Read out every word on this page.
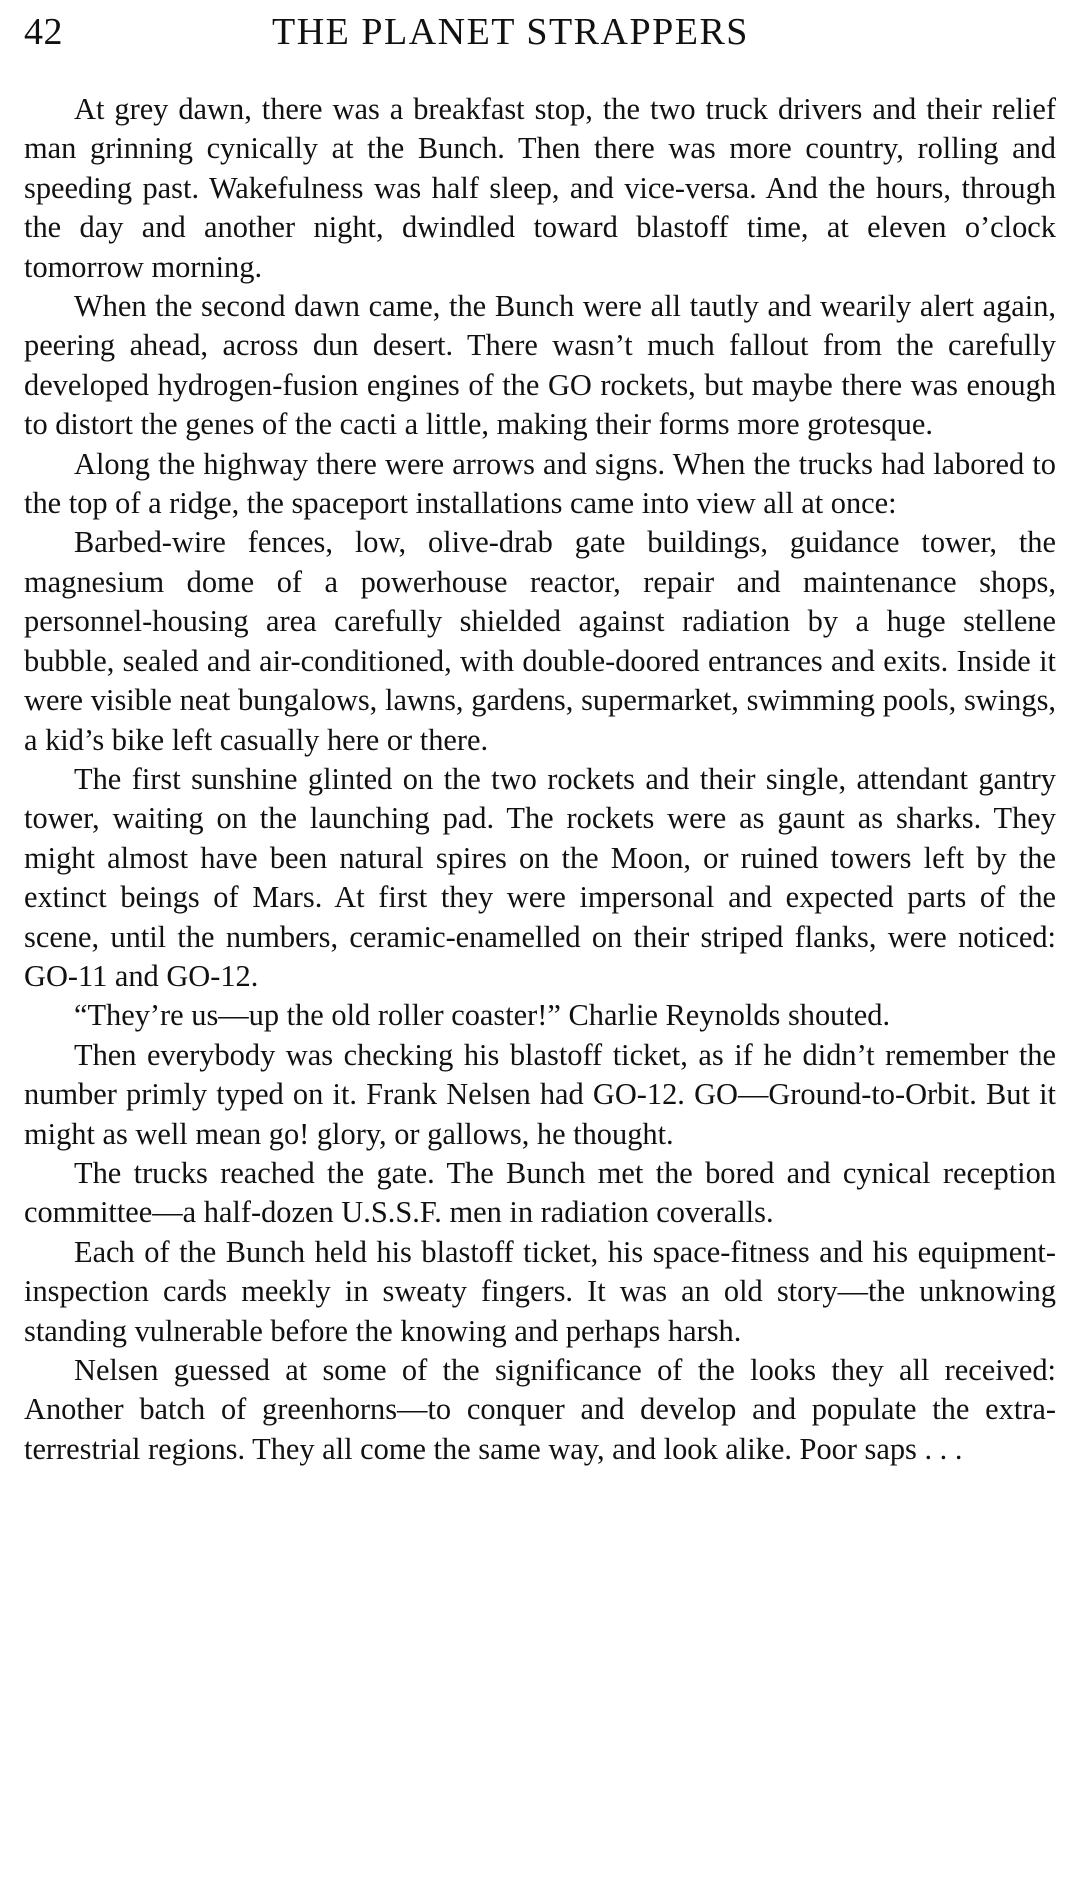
42	THE PLANET STRAPPERS

At grey dawn, there was a breakfast stop, the two truck drivers and their relief man grinning cynically at the Bunch. Then there was more country, rolling and speeding past. Wakefulness was half sleep, and vice-versa. And the hours, through the day and another night, dwindled toward blastoff time, at eleven o’clock tomorrow morning.

When the second dawn came, the Bunch were all tautly and wearily alert again, peering ahead, across dun desert. There wasn’t much fallout from the carefully developed hydrogen-fusion engines of the GO rockets, but maybe there was enough to distort the genes of the cacti a little, making their forms more grotesque.

Along the highway there were arrows and signs. When the trucks had labored to the top of a ridge, the spaceport installations came into view all at once:

Barbed-wire fences, low, olive-drab gate buildings, guidance tower, the magnesium dome of a powerhouse reactor, repair and maintenance shops, personnel-housing area carefully shielded against radiation by a huge stellene bubble, sealed and air-conditioned, with double-doored entrances and exits. Inside it were visible neat bungalows, lawns, gardens, supermarket, swimming pools, swings, a kid’s bike left casually here or there.

The first sunshine glinted on the two rockets and their single, attendant gantry tower, waiting on the launching pad. The rockets were as gaunt as sharks. They might almost have been natural spires on the Moon, or ruined towers left by the extinct beings of Mars. At first they were impersonal and expected parts of the scene, until the numbers, ceramic-enamelled on their striped flanks, were noticed: GO-11 and GO-12.

“They’re us—up the old roller coaster!” Charlie Reynolds shouted.

Then everybody was checking his blastoff ticket, as if he didn’t remember the number primly typed on it. Frank Nelsen had GO-12. GO—Ground-to-Orbit. But it might as well mean go! glory, or gallows, he thought.

The trucks reached the gate. The Bunch met the bored and cynical reception committee—a half-dozen U.S.S.F. men in radiation coveralls.

Each of the Bunch held his blastoff ticket, his space-fitness and his equipment-inspection cards meekly in sweaty fingers. It was an old story—the unknowing standing vulnerable before the knowing and perhaps harsh.

Nelsen guessed at some of the significance of the looks they all received: Another batch of greenhorns—to conquer and develop and populate the extra-terrestrial regions. They all come the same way, and look alike. Poor saps . . .
